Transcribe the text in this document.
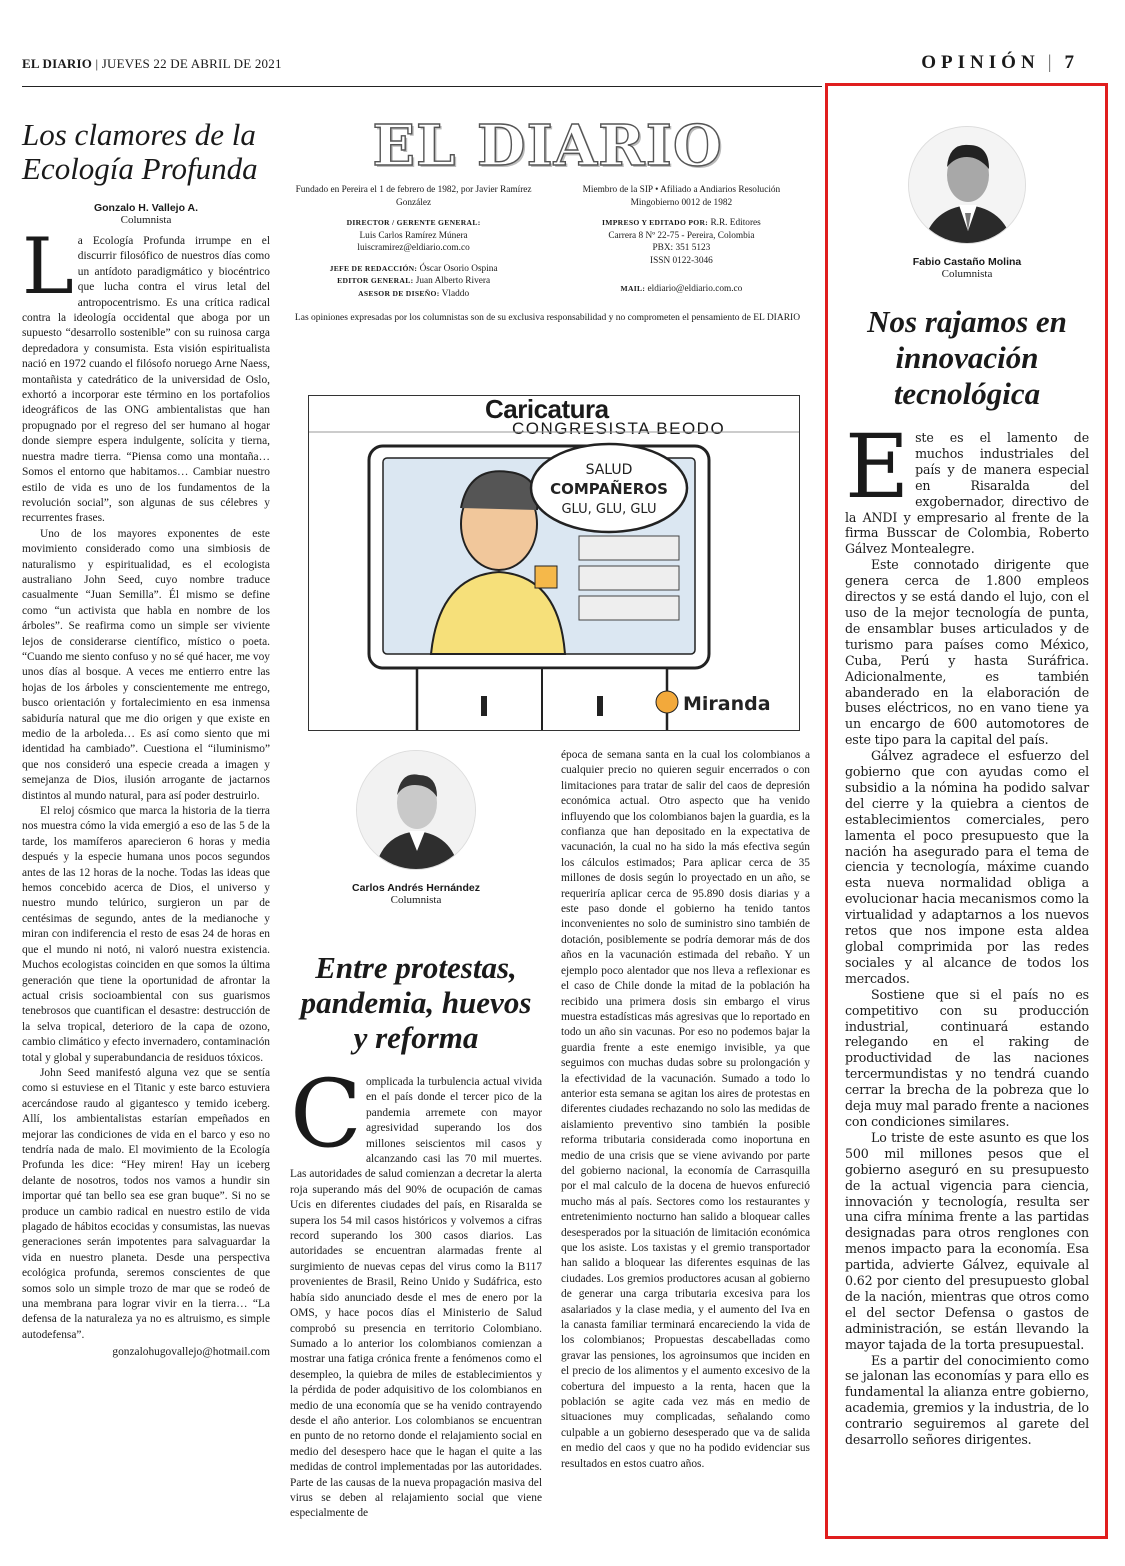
EL DIARIO | JUEVES 22 DE ABRIL DE 2021	OPINIÓN | 7
Los clamores de la Ecología Profunda
Gonzalo H. Vallejo A.
Columnista

La Ecología Profunda irrumpe en el discurrir filosófico de nuestros días como un antídoto paradigmático y biocéntrico que lucha contra el virus letal del antropocentrismo. Es una crítica radical contra la ideología occidental que aboga por un supuesto “desarrollo sostenible” con su ruinosa carga depredadora y consumista. Esta visión espiritualista nació en 1972 cuando el filósofo noruego Arne Naess, montañista y catedrático de la universidad de Oslo, exhortó a incorporar este término en los portafolios ideográficos de las ONG ambientalistas que han propugnado por el regreso del ser humano al hogar donde siempre espera indulgente, solícita y tierna, nuestra madre tierra. “Piensa como una montaña… Somos el entorno que habitamos… Cambiar nuestro estilo de vida es uno de los fundamentos de la revolución social”, son algunas de sus célebres y recurrentes frases.

Uno de los mayores exponentes de este movimiento considerado como una simbiosis de naturalismo y espiritualidad, es el ecologista australiano John Seed, cuyo nombre traduce casualmente “Juan Semilla”. Él mismo se define como “un activista que habla en nombre de los árboles”. Se reafirma como un simple ser viviente lejos de considerarse científico, místico o poeta. “Cuando me siento confuso y no sé qué hacer, me voy unos días al bosque. A veces me entierro entre las hojas de los árboles y conscientemente me entrego, busco orientación y fortalecimiento en esa inmensa sabiduría natural que me dio origen y que existe en medio de la arboleda… Es así como siento que mi identidad ha cambiado”. Cuestiona el “iluminismo” que nos consideró una especie creada a imagen y semejanza de Dios, ilusión arrogante de jactarnos distintos al mundo natural, para así poder destruirlo.

El reloj cósmico que marca la historia de la tierra nos muestra cómo la vida emergió a eso de las 5 de la tarde, los mamíferos aparecieron 6 horas y media después y la especie humana unos pocos segundos antes de las 12 horas de la noche. Todas las ideas que hemos concebido acerca de Dios, el universo y nuestro mundo telúrico, surgieron un par de centésimas de segundo, antes de la medianoche y miran con indiferencia el resto de esas 24 de horas en que el mundo ni notó, ni valoró nuestra existencia. Muchos ecologistas coinciden en que somos la última generación que tiene la oportunidad de afrontar la actual crisis socioambiental con sus guarismos tenebrosos que cuantifican el desastre: destrucción de la selva tropical, deterioro de la capa de ozono, cambio climático y efecto invernadero, contaminación total y global y superabundancia de residuos tóxicos.

John Seed manifestó alguna vez que se sentía como si estuviese en el Titanic y este barco estuviera acercándose raudo al gigantesco y temido iceberg. Allí, los ambientalistas estarían empeñados en mejorar las condiciones de vida en el barco y eso no tendría nada de malo. El movimiento de la Ecología Profunda les dice: “Hey miren! Hay un iceberg delante de nosotros, todos nos vamos a hundir sin importar qué tan bello sea ese gran buque”. Si no se produce un cambio radical en nuestro estilo de vida plagado de hábitos ecocidas y consumistas, las nuevas generaciones serán impotentes para salvaguardar la vida en nuestro planeta. Desde una perspectiva ecológica profunda, seremos conscientes de que somos solo un simple trozo de mar que se rodeó de una membrana para lograr vivir en la tierra… “La defensa de la naturaleza ya no es altruismo, es simple autodefensa”.

gonzalohugovallejo@hotmail.com
EL DIARIO
Fundado en Pereira el 1 de febrero de 1982, por Javier Ramírez González
DIRECTOR / GERENTE GENERAL:
Luis Carlos Ramírez Múnera
luiscramirez@eldiario.com.co
JEFE DE REDACCIÓN: Óscar Osorio Ospina
EDITOR GENERAL: Juan Alberto Rivera
ASESOR DE DISEÑO: Vladdo
Miembro de la SIP • Afiliado a Andiarios Resolución Mingobierno 0012 de 1982
IMPRESO Y EDITADO POR: R.R. Editores
Carrera 8 Nº 22-75 - Pereira, Colombia
PBX: 351 5123
ISSN 0122-3046
MAIL: eldiario@eldiario.com.co
Las opiniones expresadas por los columnistas son de su exclusiva responsabilidad y no comprometen el pensamiento de EL DIARIO
Caricatura
CONGRESISTA BEODO
SALUD
COMPAÑEROS
GLU, GLU, GLU
Miranda
Carlos Andrés Hernández
Columnista
Entre protestas, pandemia, huevos y reforma

Complicada la turbulencia actual vivida en el país donde el tercer pico de la pandemia arremete con mayor agresividad superando los dos millones seiscientos mil casos y alcanzando casi las 70 mil muertes. Las autoridades de salud comienzan a decretar la alerta roja superando más del 90% de ocupación de camas Ucis en diferentes ciudades del país, en Risaralda se supera los 54 mil casos históricos y volvemos a cifras record superando los 300 casos diarios. Las autoridades se encuentran alarmadas frente al surgimiento de nuevas cepas del virus como la B117 provenientes de Brasil, Reino Unido y Sudáfrica, esto había sido anunciado desde el mes de enero por la OMS, y hace pocos días el Ministerio de Salud comprobó su presencia en territorio Colombiano. Sumado a lo anterior los colombianos comienzan a mostrar una fatiga crónica frente a fenómenos como el desempleo, la quiebra de miles de establecimientos y la pérdida de poder adquisitivo de los colombianos en medio de una economía que se ha venido contrayendo desde el año anterior. Los colombianos se encuentran en punto de no retorno donde el relajamiento social en medio del desespero hace que le hagan el quite a las medidas de control implementadas por las autoridades. Parte de las causas de la nueva propagación masiva del virus se deben al relajamiento social que viene especialmente de

época de semana santa en la cual los colombianos a cualquier precio no quieren seguir encerrados o con limitaciones para tratar de salir del caos de depresión económica actual. Otro aspecto que ha venido influyendo que los colombianos bajen la guardia, es la confianza que han depositado en la expectativa de vacunación, la cual no ha sido la más efectiva según los cálculos estimados; Para aplicar cerca de 35 millones de dosis según lo proyectado en un año, se requeriría aplicar cerca de 95.890 dosis diarias y a este paso donde el gobierno ha tenido tantos inconvenientes no solo de suministro sino también de dotación, posiblemente se podría demorar más de dos años en la vacunación estimada del rebaño. Y un ejemplo poco alentador que nos lleva a reflexionar es el caso de Chile donde la mitad de la población ha recibido una primera dosis sin embargo el virus muestra estadísticas más agresivas que lo reportado en todo un año sin vacunas. Por eso no podemos bajar la guardia frente a este enemigo invisible, ya que seguimos con muchas dudas sobre su prolongación y la efectividad de la vacunación. Sumado a todo lo anterior esta semana se agitan los aires de protestas en diferentes ciudades rechazando no solo las medidas de aislamiento preventivo sino también la posible reforma tributaria considerada como inoportuna en medio de una crisis que se viene avivando por parte del gobierno nacional, la economía de Carrasquilla por el mal calculo de la docena de huevos enfureció mucho más al país. Sectores como los restaurantes y entretenimiento nocturno han salido a bloquear calles desesperados por la situación de limitación económica que los asiste. Los taxistas y el gremio transportador han salido a bloquear las diferentes esquinas de las ciudades. Los gremios productores acusan al gobierno de generar una carga tributaria excesiva para los asalariados y la clase media, y el aumento del Iva en la canasta familiar terminará encareciendo la vida de los colombianos; Propuestas descabelladas como gravar las pensiones, los agroinsumos que inciden en el precio de los alimentos y el aumento excesivo de la cobertura del impuesto a la renta, hacen que la población se agite cada vez más en medio de situaciones muy complicadas, señalando como culpable a un gobierno desesperado que va de salida en medio del caos y que no ha podido evidenciar sus resultados en estos cuatro años.

Fabio Castaño Molina
Columnista
Nos rajamos en innovación tecnológica

Este es el lamento de muchos industriales del país y de manera especial en Risaralda del exgobernador, directivo de la ANDI y empresario al frente de la firma Busscar de Colombia, Roberto Gálvez Montealegre.

Este connotado dirigente que genera cerca de 1.800 empleos directos y se está dando el lujo, con el uso de la mejor tecnología de punta, de ensamblar buses articulados y de turismo para países como México, Cuba, Perú y hasta Suráfrica. Adicionalmente, es también abanderado en la elaboración de buses eléctricos, no en vano tiene ya un encargo de 600 automotores de este tipo para la capital del país.

Gálvez agradece el esfuerzo del gobierno que con ayudas como el subsidio a la nómina ha podido salvar del cierre y la quiebra a cientos de establecimientos comerciales, pero lamenta el poco presupuesto que la nación ha asegurado para el tema de ciencia y tecnología, máxime cuando esta nueva normalidad obliga a evolucionar hacia mecanismos como la virtualidad y adaptarnos a los nuevos retos que nos impone esta aldea global comprimida por las redes sociales y al alcance de todos los mercados.

Sostiene que si el país no es competitivo con su producción industrial, continuará estando relegando en el raking de productividad de las naciones tercermundistas y no tendrá cuando cerrar la brecha de la pobreza que lo deja muy mal parado frente a naciones con condiciones similares.

Lo triste de este asunto es que los 500 mil millones pesos que el gobierno aseguró en su presupuesto de la actual vigencia para ciencia, innovación y tecnología, resulta ser una cifra mínima frente a las partidas designadas para otros renglones con menos impacto para la economía. Esa partida, advierte Gálvez, equivale al 0.62 por ciento del presupuesto global de la nación, mientras que otros como el del sector Defensa o gastos de administración, se están llevando la mayor tajada de la torta presupuestal.

Es a partir del conocimiento como se jalonan las economías y para ello es fundamental la alianza entre gobierno, academia, gremios y la industria, de lo contrario seguiremos al garete del desarrollo señores dirigentes.
